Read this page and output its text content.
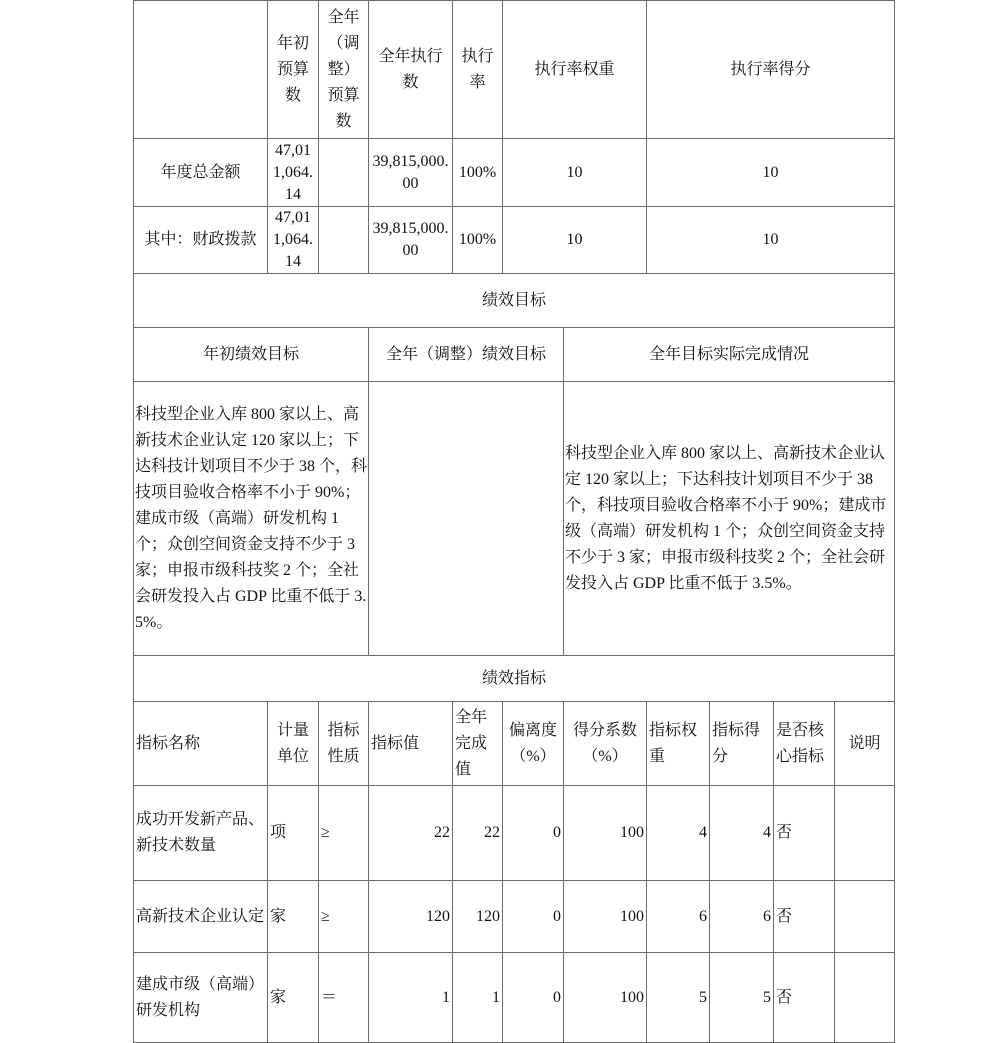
	年初预算数	全年（调整）预算数	全年执行数	执行率	执行率权重		执行率得分			
年度总金额	47,011,064.14		39,815,000.00	100%	10		10			
其中：财政拨款	47,011,064.14		39,815,000.00	100%	10		10			
绩效目标										
年初绩效目标			全年（调整）绩效目标			全年目标实际完成情况				
科技型企业入库 800 家以上、高新技术企业认定 120 家以上；下达科技计划项目不少于 38 个，科技项目验收合格率不小于 90%；建成市级（高端）研发机构 1 个；众创空间资金支持不少于 3 家；申报市级科技奖 2 个；全社会研发投入占 GDP 比重不低于 3.5%。						科技型企业入库 800 家以上、高新技术企业认定 120 家以上；下达科技计划项目不少于 38 个，科技项目验收合格率不小于 90%；建成市级（高端）研发机构 1 个；众创空间资金支持不少于 3 家；申报市级科技奖 2 个；全社会研发投入占 GDP 比重不低于 3.5%。				
绩效指标										
指标名称	计量单位	指标性质	指标值	全年完成值	偏离度（%）	得分系数（%）	指标权重	指标得分	是否核心指标	说明
成功开发新产品、新技术数量	项	≥	22	22	0	100	4	4	否	
高新技术企业认定	家	≥	120	120	0	100	6	6	否	
建成市级（高端）研发机构	家	＝	1	1	0	100	5	5	否	
